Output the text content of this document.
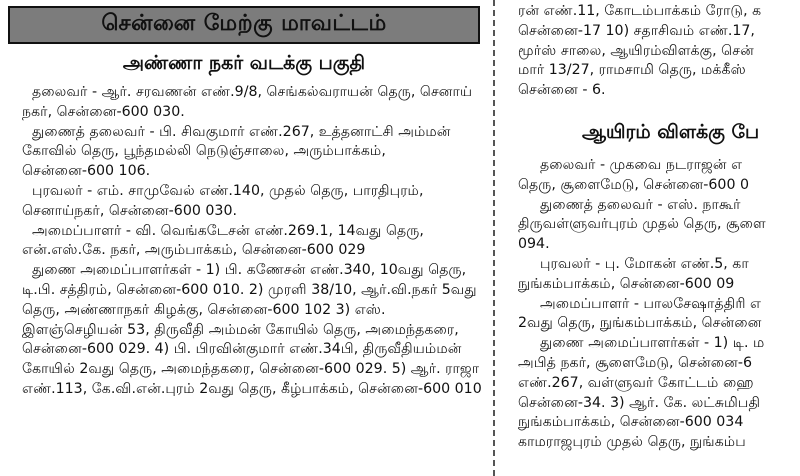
சென்னை மேற்கு மாவட்டம்
அண்ணா நகர் வடக்கு பகுதி

தலைவர் - ஆர். சரவணன் எண்.9/8, செங்கல்வராயன் தெரு, செனாய் நகர், சென்னை-600 030.

துணைத் தலைவர் - பி. சிவகுமார் எண்.267, உத்தனாட்சி அம்மன் கோவில் தெரு, பூந்தமல்லி நெடுஞ்சாலை, அரும்பாக்கம், சென்னை-600 106.

புரவலர் - எம். சாமுவேல் எண்.140, முதல் தெரு, பாரதிபுரம், செனாய்நகர், சென்னை-600 030.

அமைப்பாளர் - வி. வெங்கடேசன் எண்.269.1, 14வது தெரு, என்.எஸ்.கே. நகர், அரும்பாக்கம், சென்னை-600 029

துணை அமைப்பாளர்கள் - 1) பி. கணேசன் எண்.340, 10வது தெரு, டி.பி. சத்திரம், சென்னை-600 010. 2) முரளி 38/10, ஆர்.வி.நகர் 5வது தெரு, அண்ணாநகர் கிழக்கு, சென்னை-600 102 3) எஸ். இளஞ்செழியன் 53, திருவீதி அம்மன் கோயில் தெரு, அமைந்தகரை, சென்னை-600 029. 4) பி. பிரவின்குமார் எண்.34பி, திருவீதியம்மன் கோயில் 2வது தெரு, அமைந்தகரை, சென்னை-600 029. 5) ஆர். ராஜா எண்.113, கே.வி.என்.புரம் 2வது தெரு, கீழ்பாக்கம், சென்னை-600 010

ரன் எண்.11, கோடம்பாக்கம் ரோடு, க

சென்னை-17 10) சதாசிவம் எண்.17,

மூர்ஸ் சாலை, ஆயிரம்விளக்கு, சென்

மார் 13/27, ராமசாமி தெரு, மக்கீஸ்

சென்னை - 6.

ஆயிரம் விளக்கு பே

தலைவர் - முகவை நடராஜன் எ

தெரு, சூளைமேடு, சென்னை-600 0

துணைத் தலைவர் - எஸ். நாகூர்

திருவள்ளுவர்புரம் முதல் தெரு, சூளை

094.

புரவலர் - பு. மோகன் எண்.5, கா

நுங்கம்பாக்கம், சென்னை-600 09

அமைப்பாளர் - பாலசேஷாத்திரி எ

2வது தெரு, நுங்கம்பாக்கம், சென்னை

துணை அமைப்பாளர்கள் - 1) டி. ம

அபித் நகர், சூளைமேடு, சென்னை-6

எண்.267, வள்ளுவர் கோட்டம் ஹை

சென்னை-34. 3) ஆர். கே. லட்சுமிபதி

நுங்கம்பாக்கம், சென்னை-600 034

காமராஜபுரம் முதல் தெரு, நுங்கம்ப
